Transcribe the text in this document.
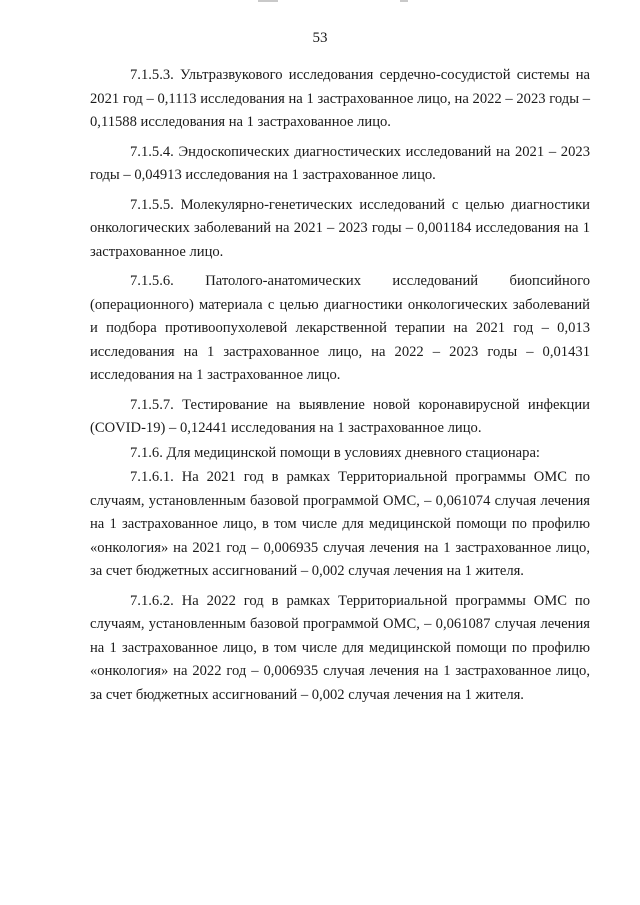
53

7.1.5.3. Ультразвукового исследования сердечно-сосудистой системы на 2021 год – 0,1113 исследования на 1 застрахованное лицо, на 2022 – 2023 годы – 0,11588 исследования на 1 застрахованное лицо.

7.1.5.4. Эндоскопических диагностических исследований на 2021 – 2023 годы – 0,04913 исследования на 1 застрахованное лицо.

7.1.5.5. Молекулярно-генетических исследований с целью диагностики онкологических заболеваний на 2021 – 2023 годы – 0,001184 исследования на 1 застрахованное лицо.

7.1.5.6. Патолого-анатомических исследований биопсийного (операционного) материала с целью диагностики онкологических заболеваний и подбора противоопухолевой лекарственной терапии на 2021 год – 0,013 исследования на 1 застрахованное лицо, на 2022 – 2023 годы – 0,01431 исследования на 1 застрахованное лицо.

7.1.5.7. Тестирование на выявление новой коронавирусной инфекции (COVID-19) – 0,12441 исследования на 1 застрахованное лицо.

7.1.6. Для медицинской помощи в условиях дневного стационара:

7.1.6.1. На 2021 год в рамках Территориальной программы ОМС по случаям, установленным базовой программой ОМС, – 0,061074 случая лечения на 1 застрахованное лицо, в том числе для медицинской помощи по профилю «онкология» на 2021 год – 0,006935 случая лечения на 1 застрахованное лицо, за счет бюджетных ассигнований – 0,002 случая лечения на 1 жителя.

7.1.6.2. На 2022 год в рамках Территориальной программы ОМС по случаям, установленным базовой программой ОМС, – 0,061087 случая лечения на 1 застрахованное лицо, в том числе для медицинской помощи по профилю «онкология» на 2022 год – 0,006935 случая лечения на 1 застрахованное лицо, за счет бюджетных ассигнований – 0,002 случая лечения на 1 жителя.
